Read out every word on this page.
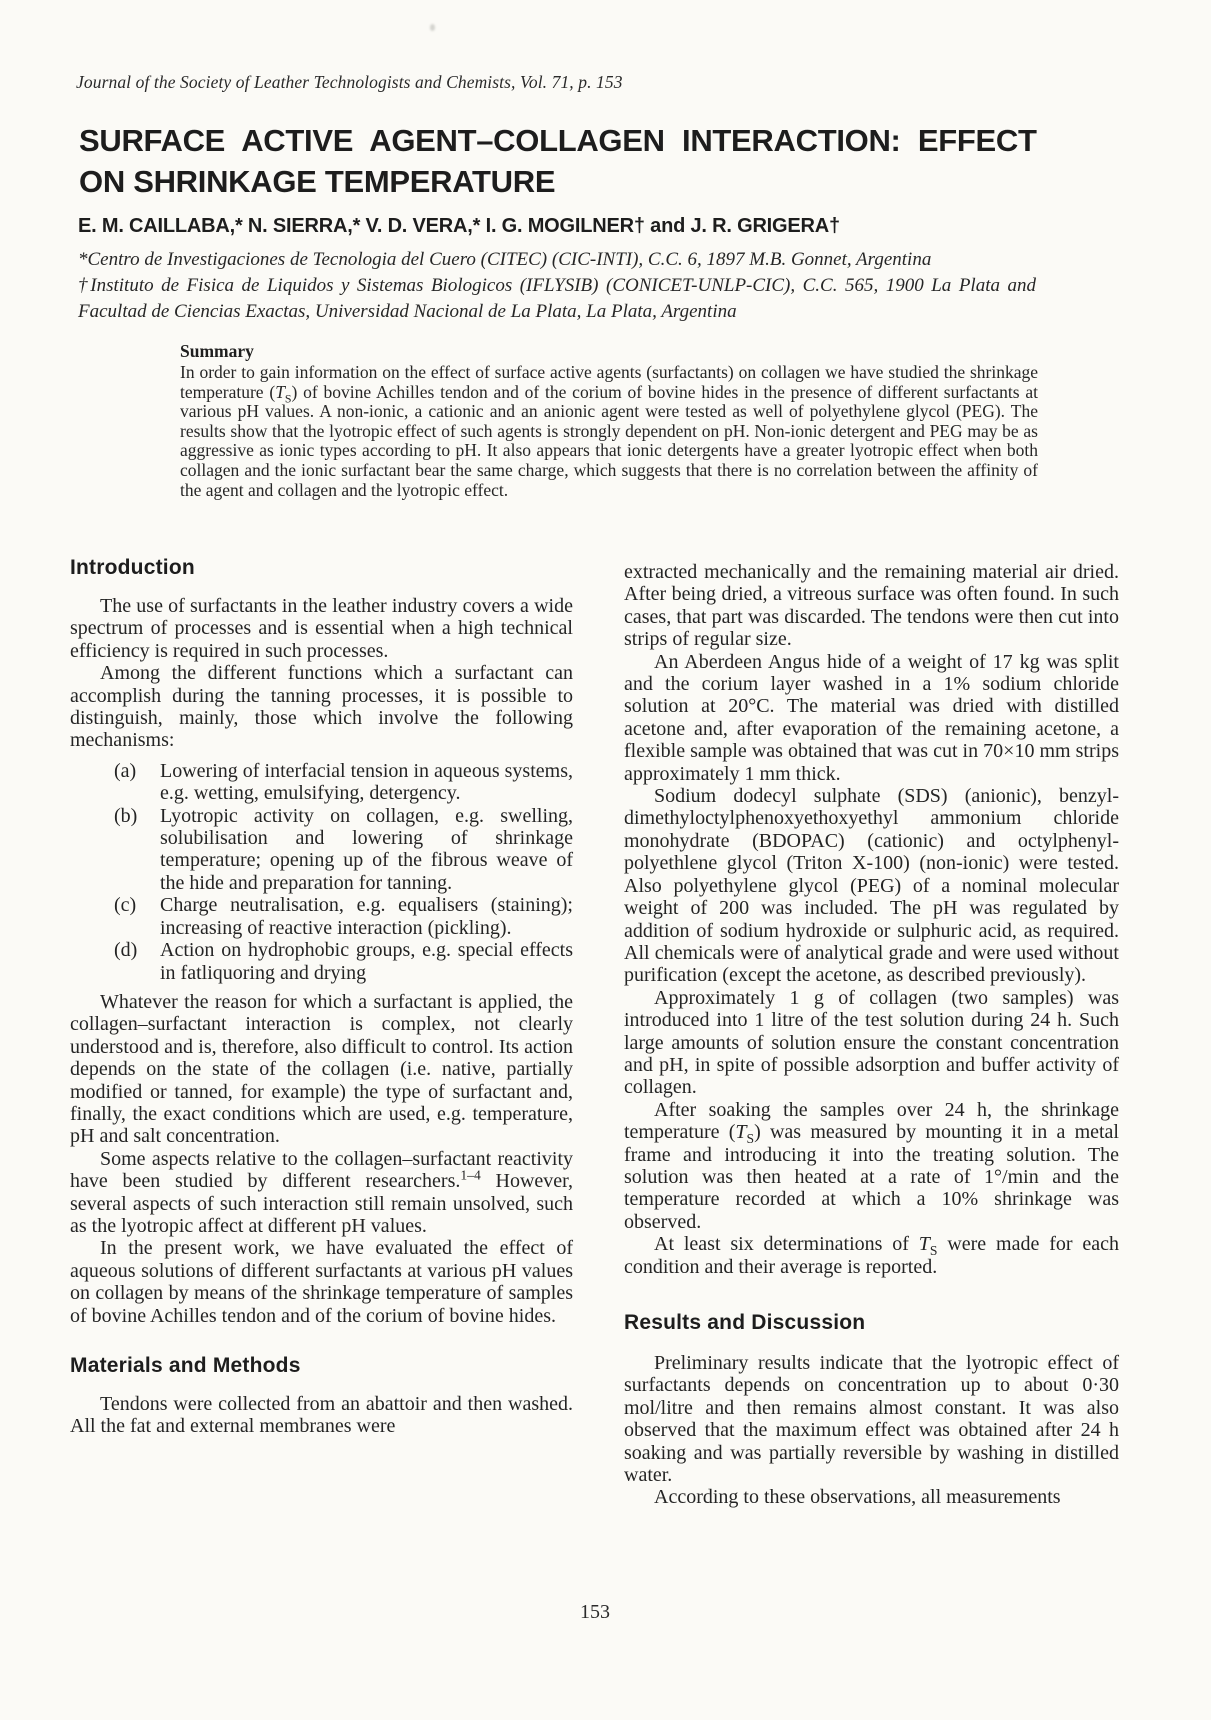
Journal of the Society of Leather Technologists and Chemists, Vol. 71, p. 153
SURFACE ACTIVE AGENT–COLLAGEN INTERACTION: EFFECT
ON SHRINKAGE TEMPERATURE
E. M. CAILLABA,* N. SIERRA,* V. D. VERA,* I. G. MOGILNER† and J. R. GRIGERA†

*Centro de Investigaciones de Tecnologia del Cuero (CITEC) (CIC-INTI), C.C. 6, 1897 M.B. Gonnet, Argentina

†Instituto de Fisica de Liquidos y Sistemas Biologicos (IFLYSIB) (CONICET-UNLP-CIC), C.C. 565, 1900 La Plata and Facultad de Ciencias Exactas, Universidad Nacional de La Plata, La Plata, Argentina

Summary

In order to gain information on the effect of surface active agents (surfactants) on collagen we have studied the shrinkage temperature $(T_S)$ of bovine Achilles tendon and of the corium of bovine hides in the presence of different surfactants at various pH values. A non-ionic, a cationic and an anionic agent were tested as well of polyethylene glycol (PEG). The results show that the lyotropic effect of such agents is strongly dependent on pH. Non-ionic detergent and PEG may be as aggressive as ionic types according to pH. It also appears that ionic detergents have a greater lyotropic effect when both collagen and the ionic surfactant bear the same charge, which suggests that there is no correlation between the affinity of the agent and collagen and the lyotropic effect.

Introduction

The use of surfactants in the leather industry covers a wide spectrum of processes and is essential when a high technical efficiency is required in such processes.

Among the different functions which a surfactant can accomplish during the tanning processes, it is possible to distinguish, mainly, those which involve the following mechanisms:

(a) Lowering of interfacial tension in aqueous systems, e.g. wetting, emulsifying, detergency.
(b) Lyotropic activity on collagen, e.g. swelling, solubilisation and lowering of shrinkage temperature; opening up of the fibrous weave of the hide and preparation for tanning.
(c) Charge neutralisation, e.g. equalisers (staining); increasing of reactive interaction (pickling).
(d) Action on hydrophobic groups, e.g. special effects in fatliquoring and drying

Whatever the reason for which a surfactant is applied, the collagen–surfactant interaction is complex, not clearly understood and is, therefore, also difficult to control. Its action depends on the state of the collagen (i.e. native, partially modified or tanned, for example) the type of surfactant and, finally, the exact conditions which are used, e.g. temperature, pH and salt concentration.

Some aspects relative to the collagen–surfactant reactivity have been studied by different researchers.$^{1-4}$ However, several aspects of such interaction still remain unsolved, such as the lyotropic affect at different pH values.

In the present work, we have evaluated the effect of aqueous solutions of different surfactants at various pH values on collagen by means of the shrinkage temperature of samples of bovine Achilles tendon and of the corium of bovine hides.

Materials and Methods

Tendons were collected from an abattoir and then washed. All the fat and external membranes were

extracted mechanically and the remaining material air dried. After being dried, a vitreous surface was often found. In such cases, that part was discarded. The tendons were then cut into strips of regular size.

An Aberdeen Angus hide of a weight of 17 kg was split and the corium layer washed in a 1% sodium chloride solution at 20°C. The material was dried with distilled acetone and, after evaporation of the remaining acetone, a flexible sample was obtained that was cut in 70×10 mm strips approximately 1 mm thick.

Sodium dodecyl sulphate (SDS) (anionic), benzyl-dimethyloctylphenoxyethoxyethyl ammonium chloride monohydrate (BDOPAC) (cationic) and octylphenyl-polyethlene glycol (Triton X-100) (non-ionic) were tested. Also polyethylene glycol (PEG) of a nominal molecular weight of 200 was included. The pH was regulated by addition of sodium hydroxide or sulphuric acid, as required. All chemicals were of analytical grade and were used without purification (except the acetone, as described previously).

Approximately 1 g of collagen (two samples) was introduced into 1 litre of the test solution during 24 h. Such large amounts of solution ensure the constant concentration and pH, in spite of possible adsorption and buffer activity of collagen.

After soaking the samples over 24 h, the shrinkage temperature $(T_S)$ was measured by mounting it in a metal frame and introducing it into the treating solution. The solution was then heated at a rate of 1°/min and the temperature recorded at which a 10% shrinkage was observed.

At least six determinations of $T_S$ were made for each condition and their average is reported.

Results and Discussion

Preliminary results indicate that the lyotropic effect of surfactants depends on concentration up to about 0·30 mol/litre and then remains almost constant. It was also observed that the maximum effect was obtained after 24 h soaking and was partially reversible by washing in distilled water.

According to these observations, all measurements

153
